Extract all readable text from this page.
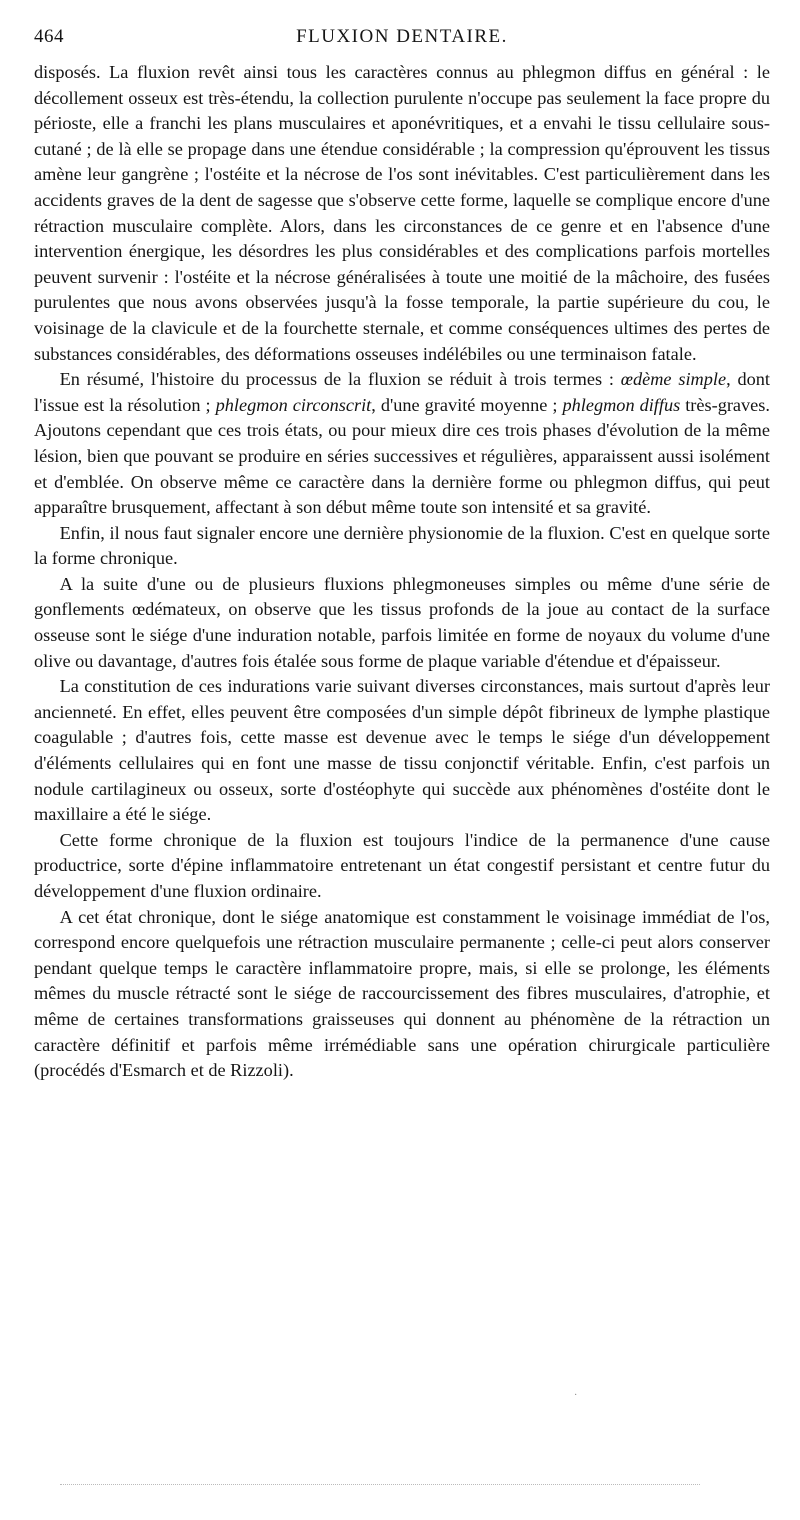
464	FLUXION DENTAIRE.

disposés. La fluxion revêt ainsi tous les caractères connus au phlegmon diffus en général : le décollement osseux est très-étendu, la collection purulente n'occupe pas seulement la face propre du périoste, elle a franchi les plans musculaires et aponévritiques, et a envahi le tissu cellulaire sous-cutané ; de là elle se propage dans une étendue considérable ; la compression qu'éprouvent les tissus amène leur gangrène ; l'ostéite et la nécrose de l'os sont inévitables. C'est particulièrement dans les accidents graves de la dent de sagesse que s'observe cette forme, laquelle se complique encore d'une rétraction musculaire complète. Alors, dans les circonstances de ce genre et en l'absence d'une intervention énergique, les désordres les plus considérables et des complications parfois mortelles peuvent survenir : l'ostéite et la nécrose généralisées à toute une moitié de la mâchoire, des fusées purulentes que nous avons observées jusqu'à la fosse temporale, la partie supérieure du cou, le voisinage de la clavicule et de la fourchette sternale, et comme conséquences ultimes des pertes de substances considérables, des déformations osseuses indélébiles ou une terminaison fatale.

En résumé, l'histoire du processus de la fluxion se réduit à trois termes : œdème simple, dont l'issue est la résolution ; phlegmon circonscrit, d'une gravité moyenne ; phlegmon diffus très-graves. Ajoutons cependant que ces trois états, ou pour mieux dire ces trois phases d'évolution de la même lésion, bien que pouvant se produire en séries successives et régulières, apparaissent aussi isolément et d'emblée. On observe même ce caractère dans la dernière forme ou phlegmon diffus, qui peut apparaître brusquement, affectant à son début même toute son intensité et sa gravité.

Enfin, il nous faut signaler encore une dernière physionomie de la fluxion. C'est en quelque sorte la forme chronique.

A la suite d'une ou de plusieurs fluxions phlegmoneuses simples ou même d'une série de gonflements œdémateux, on observe que les tissus profonds de la joue au contact de la surface osseuse sont le siége d'une induration notable, parfois limitée en forme de noyaux du volume d'une olive ou davantage, d'autres fois étalée sous forme de plaque variable d'étendue et d'épaisseur.

La constitution de ces indurations varie suivant diverses circonstances, mais surtout d'après leur ancienneté. En effet, elles peuvent être composées d'un simple dépôt fibrineux de lymphe plastique coagulable ; d'autres fois, cette masse est devenue avec le temps le siége d'un développement d'éléments cellulaires qui en font une masse de tissu conjonctif véritable. Enfin, c'est parfois un nodule cartilagineux ou osseux, sorte d'ostéophyte qui succède aux phénomènes d'ostéite dont le maxillaire a été le siége.

Cette forme chronique de la fluxion est toujours l'indice de la permanence d'une cause productrice, sorte d'épine inflammatoire entretenant un état congestif persistant et centre futur du développement d'une fluxion ordinaire.

A cet état chronique, dont le siége anatomique est constamment le voisinage immédiat de l'os, correspond encore quelquefois une rétraction musculaire permanente ; celle-ci peut alors conserver pendant quelque temps le caractère inflammatoire propre, mais, si elle se prolonge, les éléments mêmes du muscle rétracté sont le siége de raccourcissement des fibres musculaires, d'atrophie, et même de certaines transformations graisseuses qui donnent au phénomène de la rétraction un caractère définitif et parfois même irrémédiable sans une opération chirurgicale particulière (procédés d'Esmarch et de Rizzoli).

·
